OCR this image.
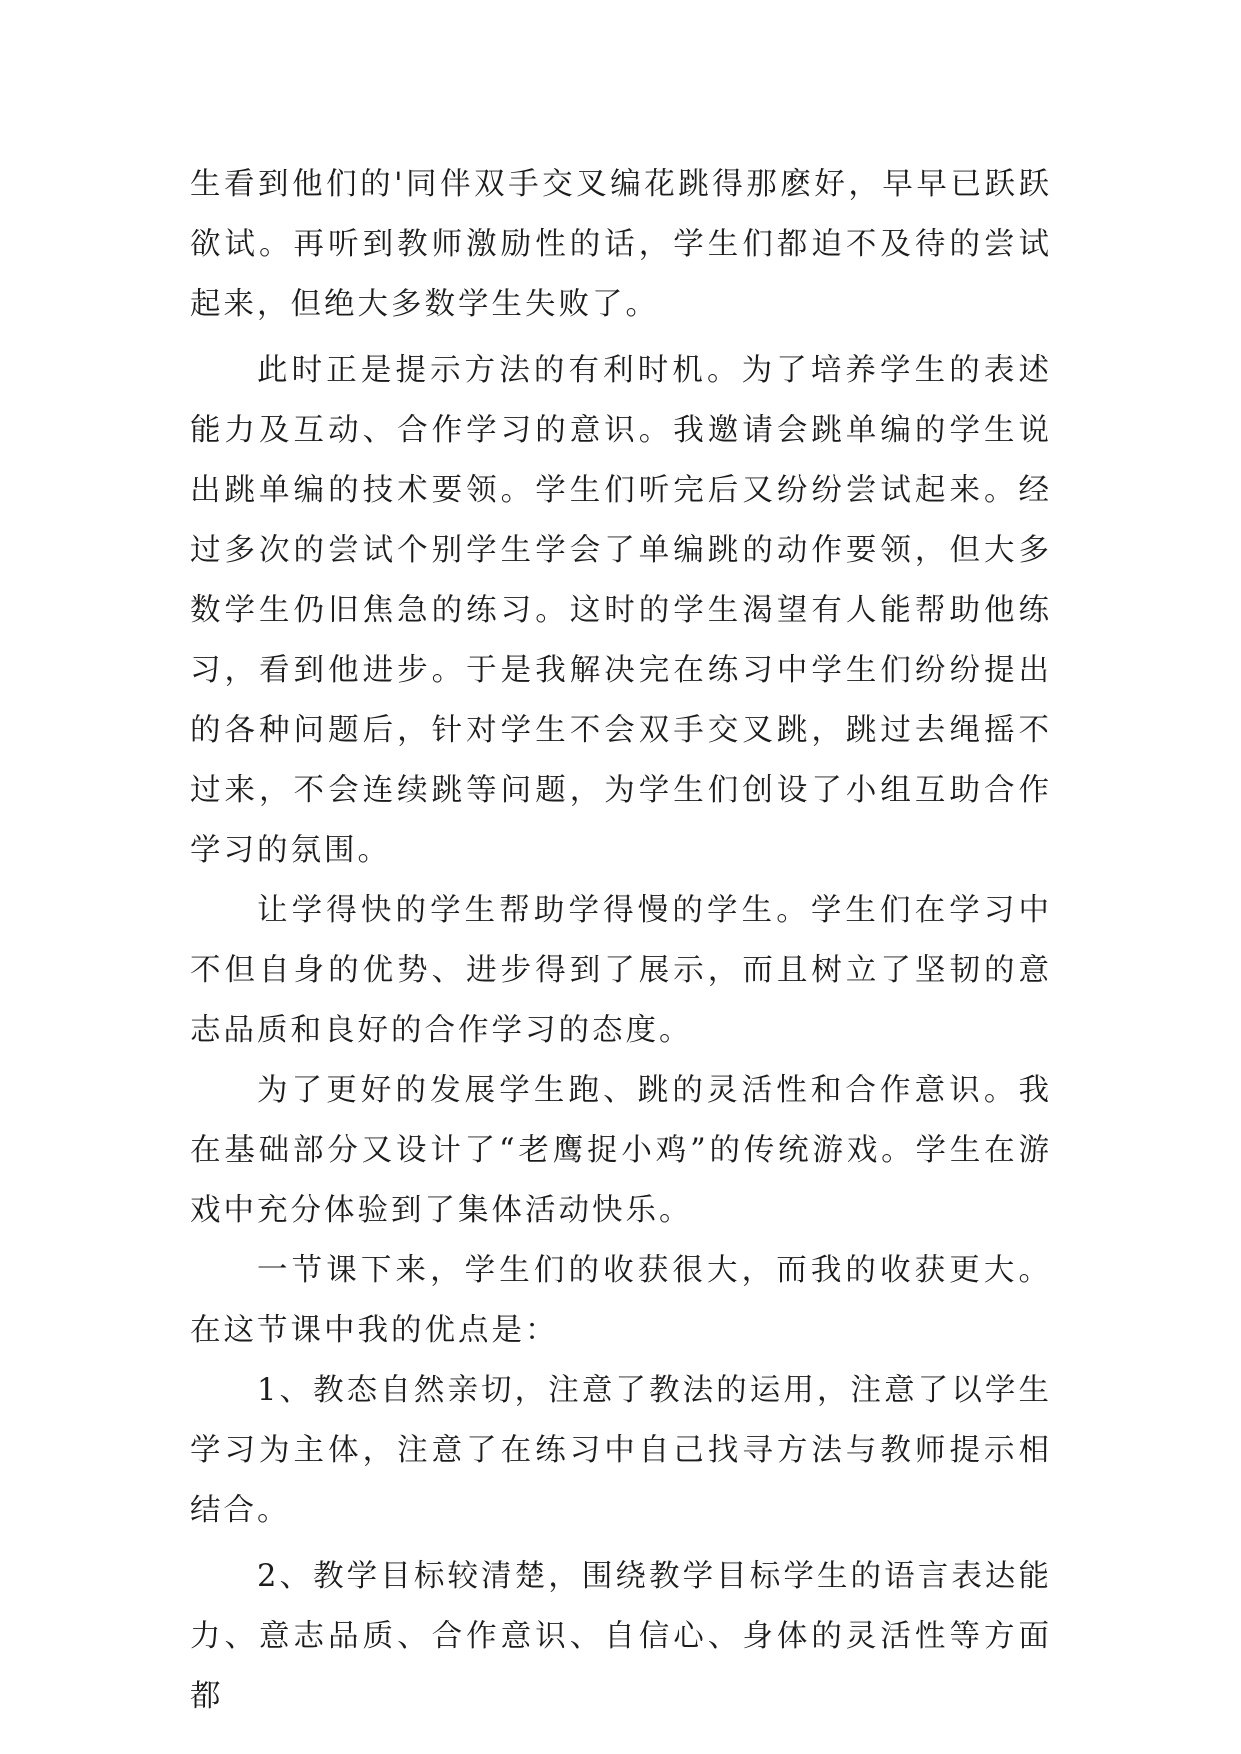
生看到他们的'同伴双手交叉编花跳得那麽好，早早已跃跃欲试。再听到教师激励性的话，学生们都迫不及待的尝试起来，但绝大多数学生失败了。

此时正是提示方法的有利时机。为了培养学生的表述能力及互动、合作学习的意识。我邀请会跳单编的学生说出跳单编的技术要领。学生们听完后又纷纷尝试起来。经过多次的尝试个别学生学会了单编跳的动作要领，但大多数学生仍旧焦急的练习。这时的学生渴望有人能帮助他练习，看到他进步。于是我解决完在练习中学生们纷纷提出的各种问题后，针对学生不会双手交叉跳，跳过去绳摇不过来，不会连续跳等问题，为学生们创设了小组互助合作学习的氛围。

让学得快的学生帮助学得慢的学生。学生们在学习中不但自身的优势、进步得到了展示，而且树立了坚韧的意志品质和良好的合作学习的态度。

为了更好的发展学生跑、跳的灵活性和合作意识。我在基础部分又设计了“老鹰捉小鸡”的传统游戏。学生在游戏中充分体验到了集体活动快乐。

一节课下来，学生们的收获很大，而我的收获更大。在这节课中我的优点是：

1、教态自然亲切，注意了教法的运用，注意了以学生学习为主体，注意了在练习中自己找寻方法与教师提示相结合。

2、教学目标较清楚，围绕教学目标学生的语言表达能力、意志品质、合作意识、自信心、身体的灵活性等方面都
